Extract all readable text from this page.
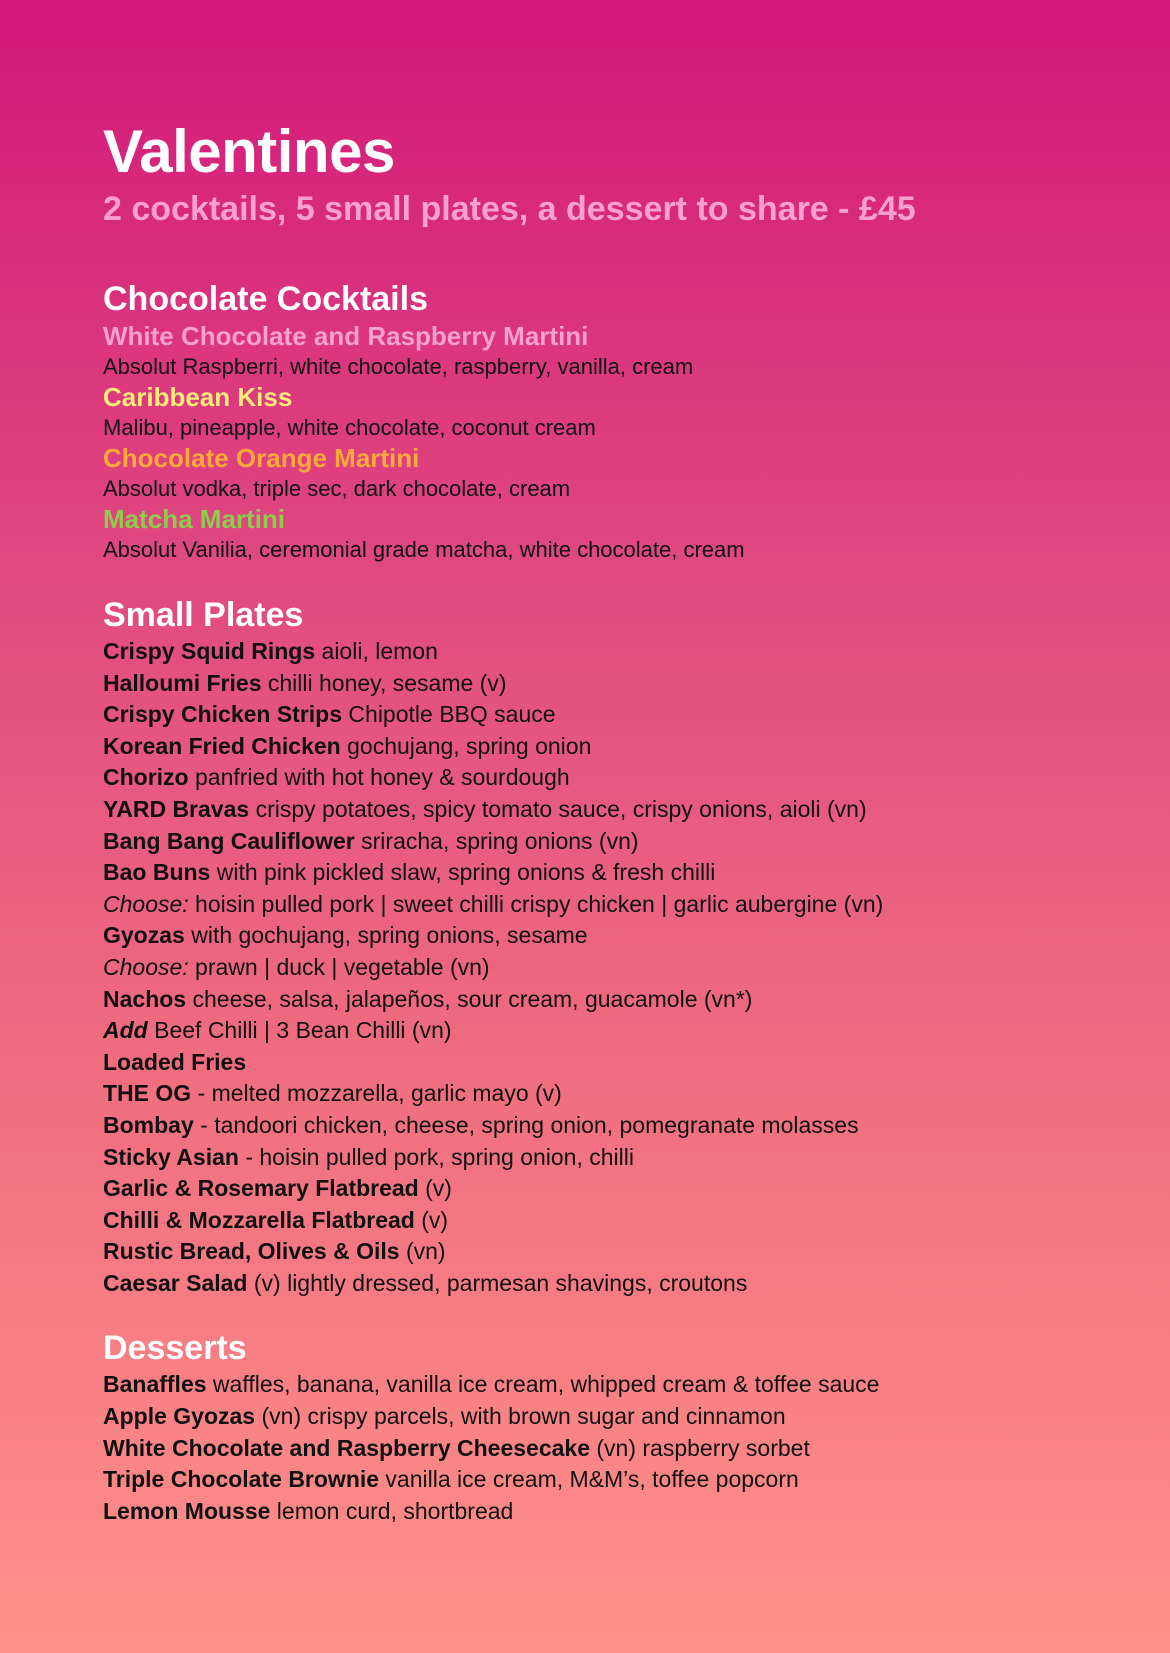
Valentines

2 cocktails, 5 small plates, a dessert to share - £45

Chocolate Cocktails

White Chocolate and Raspberry Martini

Absolut Raspberri, white chocolate, raspberry, vanilla, cream

Caribbean Kiss

Malibu, pineapple, white chocolate, coconut cream

Chocolate Orange Martini

Absolut vodka, triple sec, dark chocolate, cream

Matcha Martini

Absolut Vanilia, ceremonial grade matcha, white chocolate, cream

Small Plates

Crispy Squid Rings aioli, lemon

Halloumi Fries chilli honey, sesame (v)

Crispy Chicken Strips Chipotle BBQ sauce

Korean Fried Chicken gochujang, spring onion

Chorizo panfried with hot honey & sourdough

YARD Bravas crispy potatoes, spicy tomato sauce, crispy onions, aioli (vn)

Bang Bang Cauliflower sriracha, spring onions (vn)

Bao Buns with pink pickled slaw, spring onions & fresh chilli

Choose: hoisin pulled pork | sweet chilli crispy chicken | garlic aubergine (vn)

Gyozas with gochujang, spring onions, sesame

Choose: prawn | duck | vegetable (vn)

Nachos cheese, salsa, jalapeños, sour cream, guacamole (vn*)

Add Beef Chilli | 3 Bean Chilli (vn)

Loaded Fries

THE OG - melted mozzarella, garlic mayo (v)

Bombay - tandoori chicken, cheese, spring onion, pomegranate molasses

Sticky Asian - hoisin pulled pork, spring onion, chilli

Garlic & Rosemary Flatbread (v)

Chilli & Mozzarella Flatbread (v)

Rustic Bread, Olives & Oils (vn)

Caesar Salad (v) lightly dressed, parmesan shavings, croutons

Desserts

Banaffles waffles, banana, vanilla ice cream, whipped cream & toffee sauce

Apple Gyozas (vn) crispy parcels, with brown sugar and cinnamon

White Chocolate and Raspberry Cheesecake (vn) raspberry sorbet

Triple Chocolate Brownie vanilla ice cream, M&M’s, toffee popcorn

Lemon Mousse lemon curd, shortbread
